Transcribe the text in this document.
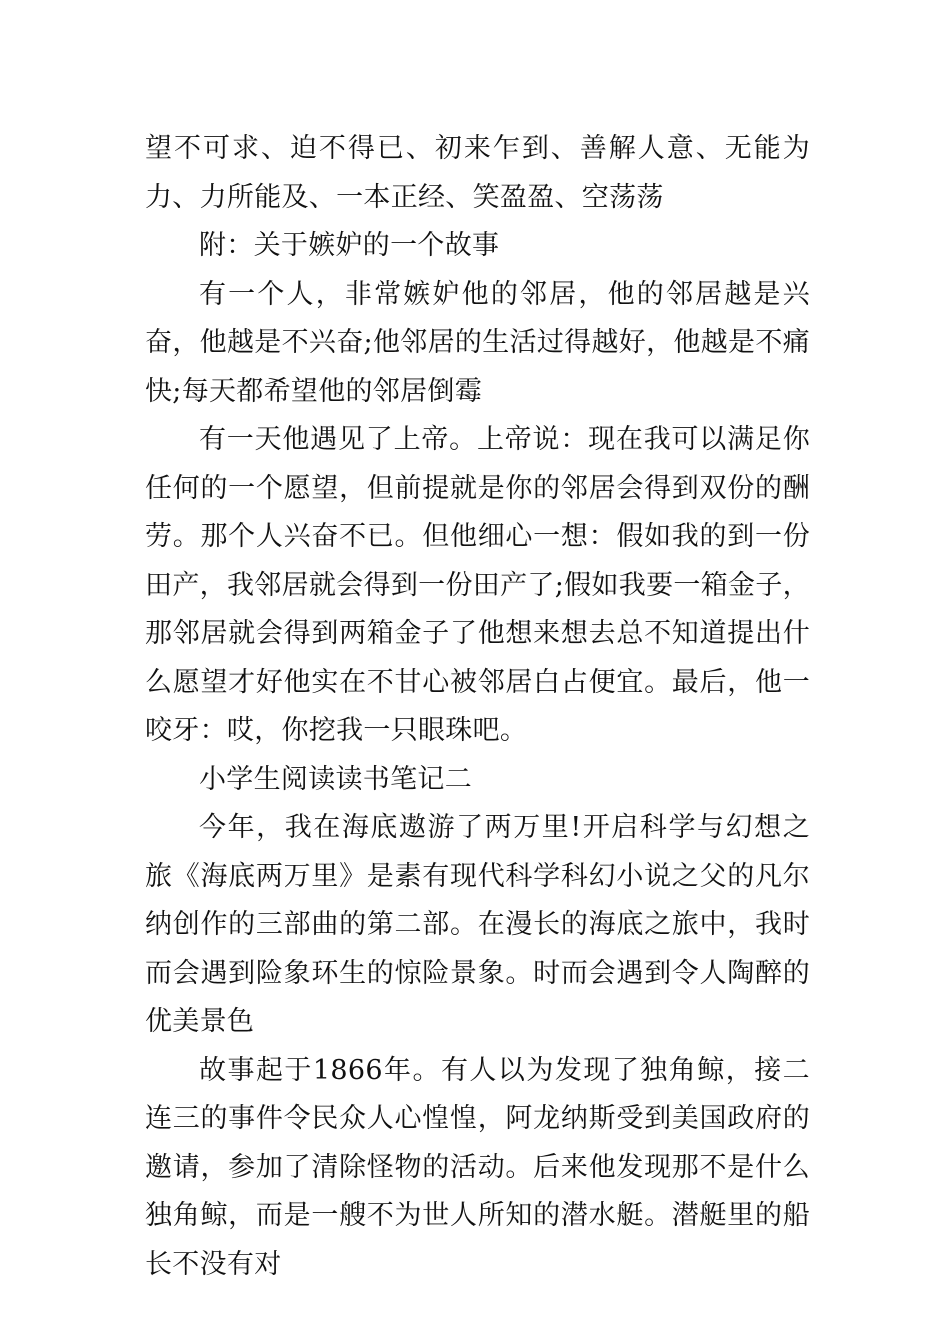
望不可求、迫不得已、初来乍到、善解人意、无能为力、力所能及、一本正经、笑盈盈、空荡荡

附：关于嫉妒的一个故事

有一个人，非常嫉妒他的邻居，他的邻居越是兴奋，他越是不兴奋;他邻居的生活过得越好，他越是不痛快;每天都希望他的邻居倒霉

有一天他遇见了上帝。上帝说：现在我可以满足你任何的一个愿望，但前提就是你的邻居会得到双份的酬劳。那个人兴奋不已。但他细心一想：假如我的到一份田产，我邻居就会得到一份田产了;假如我要一箱金子，那邻居就会得到两箱金子了他想来想去总不知道提出什么愿望才好他实在不甘心被邻居白占便宜。最后，他一咬牙：哎，你挖我一只眼珠吧。

小学生阅读读书笔记二

今年，我在海底遨游了两万里!开启科学与幻想之旅《海底两万里》是素有现代科学科幻小说之父的凡尔纳创作的三部曲的第二部。在漫长的海底之旅中，我时而会遇到险象环生的惊险景象。时而会遇到令人陶醉的优美景色

故事起于1866年。有人以为发现了独角鲸，接二连三的事件令民众人心惶惶，阿龙纳斯受到美国政府的邀请，参加了清除怪物的活动。后来他发现那不是什么独角鲸，而是一艘不为世人所知的潜水艇。潜艇里的船长不没有对
